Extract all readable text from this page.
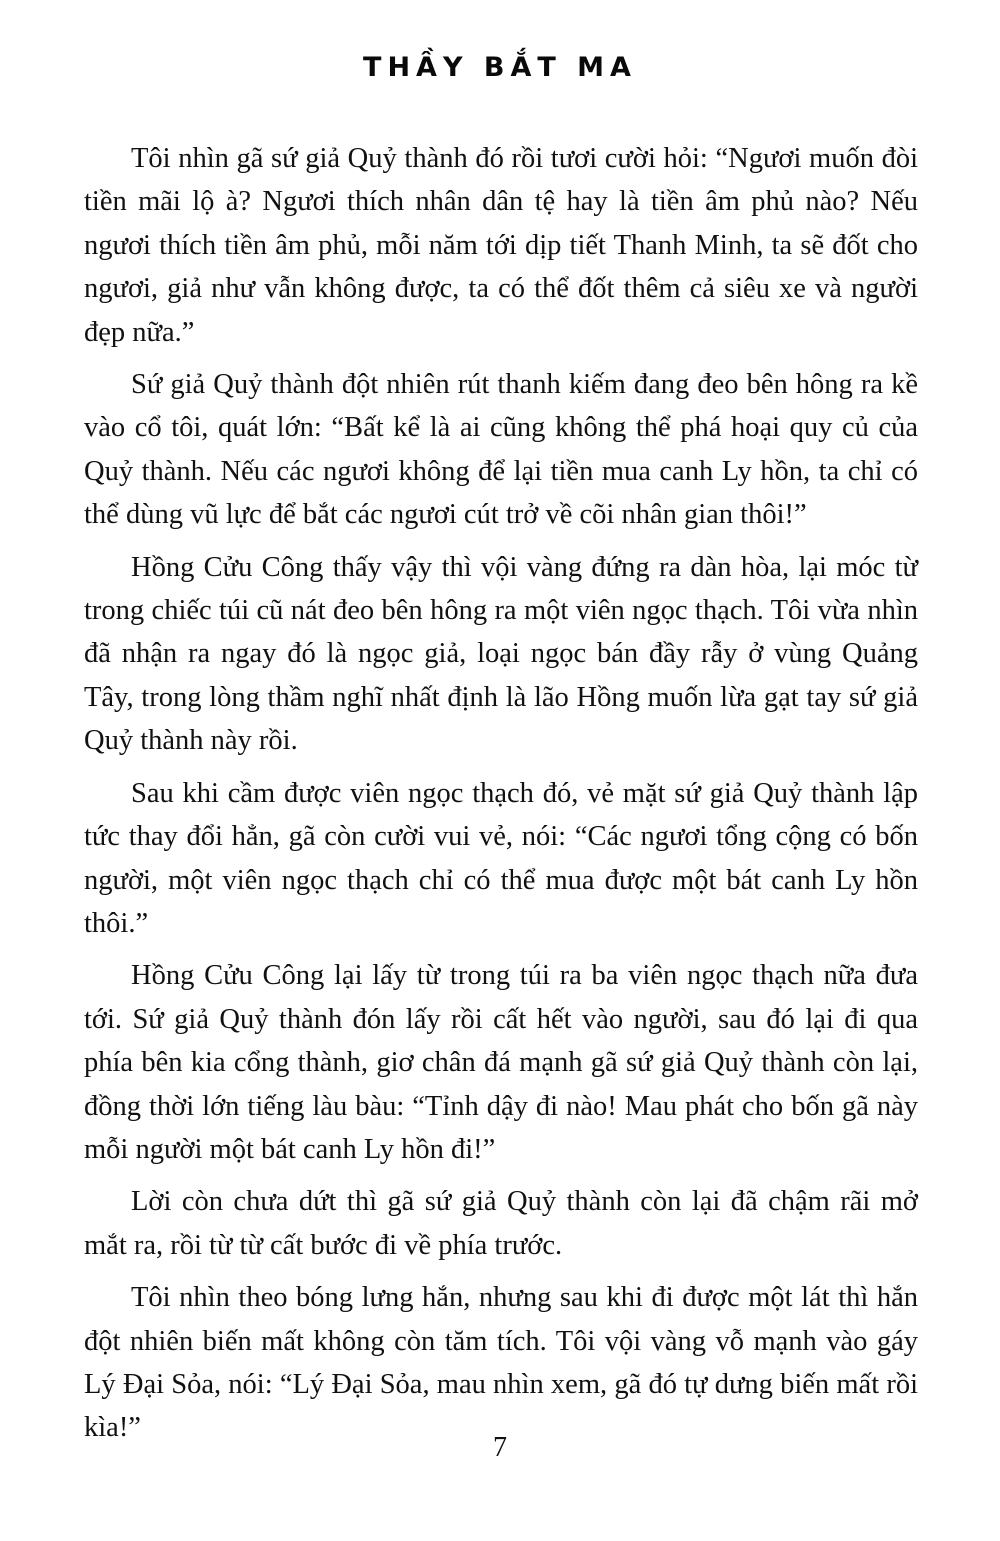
THẦY BẮT MA

Tôi nhìn gã sứ giả Quỷ thành đó rồi tươi cười hỏi: “Ngươi muốn đòi tiền mãi lộ à? Ngươi thích nhân dân tệ hay là tiền âm phủ nào? Nếu ngươi thích tiền âm phủ, mỗi năm tới dịp tiết Thanh Minh, ta sẽ đốt cho ngươi, giả như vẫn không được, ta có thể đốt thêm cả siêu xe và người đẹp nữa.”

Sứ giả Quỷ thành đột nhiên rút thanh kiếm đang đeo bên hông ra kề vào cổ tôi, quát lớn: “Bất kể là ai cũng không thể phá hoại quy củ của Quỷ thành. Nếu các ngươi không để lại tiền mua canh Ly hồn, ta chỉ có thể dùng vũ lực để bắt các ngươi cút trở về cõi nhân gian thôi!”

Hồng Cửu Công thấy vậy thì vội vàng đứng ra dàn hòa, lại móc từ trong chiếc túi cũ nát đeo bên hông ra một viên ngọc thạch. Tôi vừa nhìn đã nhận ra ngay đó là ngọc giả, loại ngọc bán đầy rẫy ở vùng Quảng Tây, trong lòng thầm nghĩ nhất định là lão Hồng muốn lừa gạt tay sứ giả Quỷ thành này rồi.

Sau khi cầm được viên ngọc thạch đó, vẻ mặt sứ giả Quỷ thành lập tức thay đổi hẳn, gã còn cười vui vẻ, nói: “Các ngươi tổng cộng có bốn người, một viên ngọc thạch chỉ có thể mua được một bát canh Ly hồn thôi.”

Hồng Cửu Công lại lấy từ trong túi ra ba viên ngọc thạch nữa đưa tới. Sứ giả Quỷ thành đón lấy rồi cất hết vào người, sau đó lại đi qua phía bên kia cổng thành, giơ chân đá mạnh gã sứ giả Quỷ thành còn lại, đồng thời lớn tiếng làu bàu: “Tỉnh dậy đi nào! Mau phát cho bốn gã này mỗi người một bát canh Ly hồn đi!”

Lời còn chưa dứt thì gã sứ giả Quỷ thành còn lại đã chậm rãi mở mắt ra, rồi từ từ cất bước đi về phía trước.

Tôi nhìn theo bóng lưng hắn, nhưng sau khi đi được một lát thì hắn đột nhiên biến mất không còn tăm tích. Tôi vội vàng vỗ mạnh vào gáy Lý Đại Sỏa, nói: “Lý Đại Sỏa, mau nhìn xem, gã đó tự dưng biến mất rồi kìa!”

7
